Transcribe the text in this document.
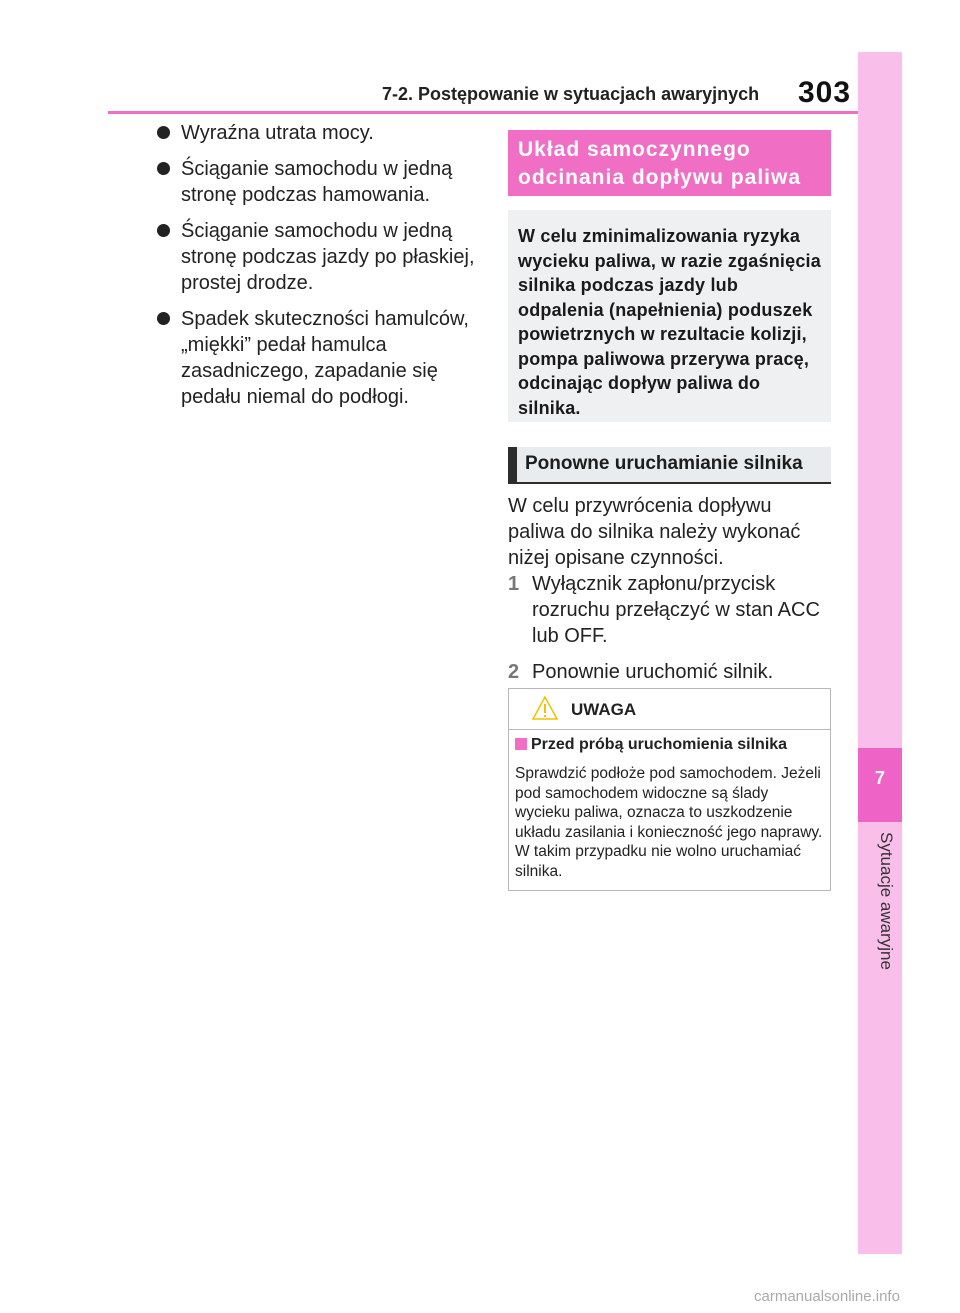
7-2. Postępowanie w sytuacjach awaryjnych 303
7
Sytuacje awaryjne
Wyraźna utrata mocy.
Ściąganie samochodu w jedną stronę podczas hamowania.
Ściąganie samochodu w jedną stronę podczas jazdy po płaskiej, prostej drodze.
Spadek skuteczności hamulców, „miękki” pedał hamulca zasadniczego, zapadanie się pedału niemal do podłogi.
Układ samoczynnego odcinania dopływu paliwa
W celu zminimalizowania ryzyka wycieku paliwa, w razie zgaśnięcia silnika podczas jazdy lub odpalenia (napełnienia) poduszek powietrznych w rezultacie kolizji, pompa paliwowa przerywa pracę, odcinając dopływ paliwa do silnika.
Ponowne uruchamianie silnika
W celu przywrócenia dopływu paliwa do silnika należy wykonać niżej opisane czynności.
1 Wyłącznik zapłonu/przycisk rozruchu przełączyć w stan ACC lub OFF.
2 Ponownie uruchomić silnik.
UWAGA
Przed próbą uruchomienia silnika
Sprawdzić podłoże pod samochodem. Jeżeli pod samochodem widoczne są ślady wycieku paliwa, oznacza to uszkodzenie układu zasilania i konieczność jego naprawy. W takim przypadku nie wolno uruchamiać silnika.
carmanualsonline.info
